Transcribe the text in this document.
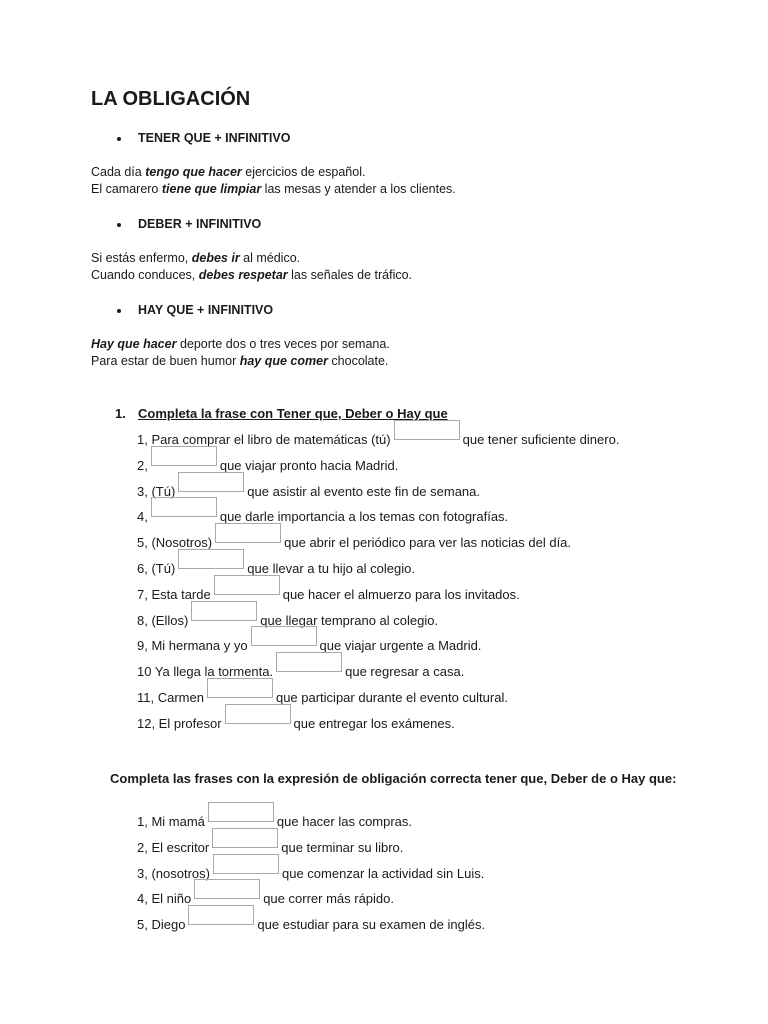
LA OBLIGACIÓN
TENER QUE + INFINITIVO
Cada día tengo que hacer ejercicios de español.
El camarero tiene que limpiar las mesas y atender a los clientes.
DEBER + INFINITIVO
Si estás enfermo, debes ir al médico.
Cuando conduces, debes respetar las señales de tráfico.
HAY QUE + INFINITIVO
Hay que hacer deporte dos o tres veces por semana.
Para estar de buen humor hay que comer chocolate.
1. Completa la frase con Tener que, Deber o Hay que
1, Para comprar el libro de matemáticas (tú)	que tener suficiente dinero.
2,	que viajar pronto hacia Madrid.
3, (Tú)	que asistir al evento este fin de semana.
4,	que darle importancia a los temas con fotografías.
5, (Nosotros)	que abrir el periódico para ver las noticias del día.
6, (Tú)	que llevar a tu hijo al colegio.
7, Esta tarde	que hacer el almuerzo para los invitados.
8, (Ellos)	que llegar temprano al colegio.
9, Mi hermana y yo	que viajar urgente a Madrid.
10 Ya llega la tormenta.	que regresar a casa.
11, Carmen	que participar durante el evento cultural.
12, El profesor	que entregar los exámenes.
Completa las frases con la expresión de obligación correcta tener que, Deber de o Hay que:
1, Mi mamá	que hacer las compras.
2, El escritor	que terminar su libro.
3, (nosotros)	que comenzar la actividad sin Luis.
4, El niño	que correr más rápido.
5, Diego	que estudiar para su examen de inglés.
